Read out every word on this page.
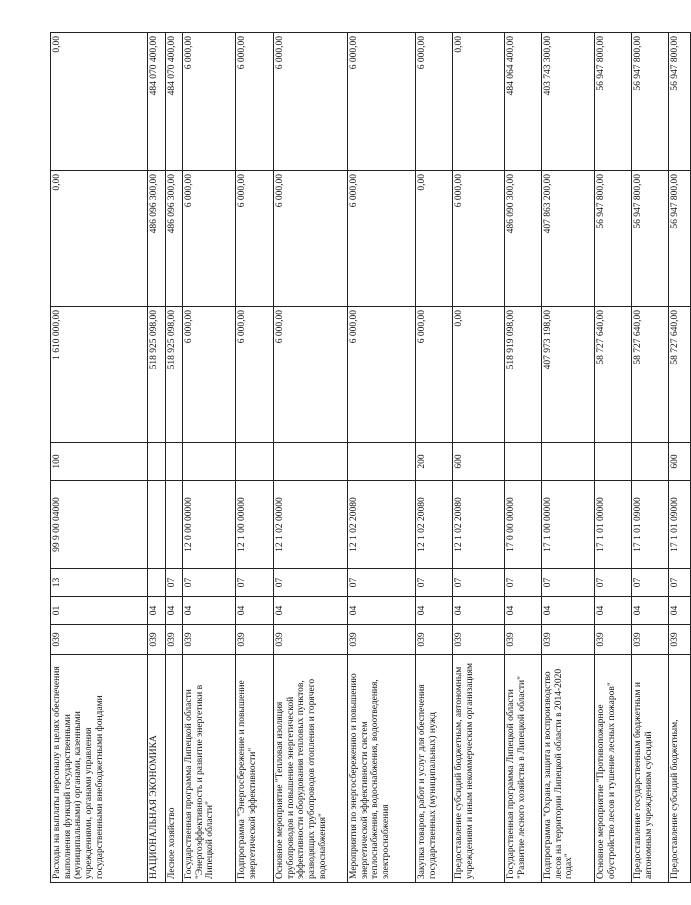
Расходы на выплаты персоналу в целях обеспечения выполнения функций государственными (муниципальными) органами, казенными учреждениями, органами управления государственными внебюджетными фондами	039	01	13	99 9 00 04000	100	1 610 000,00	0,00	0,00
НАЦИОНАЛЬНАЯ ЭКОНОМИКА	039	04				518 925 098,00	486 096 300,00	484 070 400,00
Лесное хозяйство	039	04	07			518 925 098,00	486 096 300,00	484 070 400,00
Государственная программа Липецкой области "Энергоэффективность и развитие энергетики в Липецкой области"	039	04	07	12 0 00 00000		6 000,00	6 000,00	6 000,00
Подпрограмма "Энергосбережение и повышение энергетической эффективности"	039	04	07	12 1 00 00000		6 000,00	6 000,00	6 000,00
Основное мероприятие "Тепловая изоляция трубопроводов и повышение энергетической эффективности оборудования тепловых пунктов, разводящих трубопроводов отопления и горячего водоснабжения"	039	04	07	12 1 02 00000		6 000,00	6 000,00	6 000,00
Мероприятия по энергосбережению и повышению энергетической эффективности систем теплоснабжения, водоснабжения, водоотведения, электроснабжения	039	04	07	12 1 02 20080		6 000,00	6 000,00	6 000,00
Закупка товаров, работ и услуг для обеспечения государственных (муниципальных) нужд	039	04	07	12 1 02 20080	200	6 000,00	0,00	6 000,00
Предоставление субсидий бюджетным, автономным учреждениям и иным некоммерческим организациям	039	04	07	12 1 02 20080	600	0,00	6 000,00	0,00
Государственная программа Липецкой области "Развитие лесного хозяйства в Липецкой области"	039	04	07	17 0 00 00000		518 919 098,00	486 090 300,00	484 064 400,00
Подпрограмма "Охрана, защита и воспроизводство лесов на территории Липецкой области в 2014-2020 годах"	039	04	07	17 1 00 00000		407 973 198,00	407 863 200,00	403 743 300,00
Основное мероприятие "Противопожарное обустройство лесов и тушение лесных пожаров"	039	04	07	17 1 01 00000		58 727 640,00	56 947 800,00	56 947 800,00
Предоставление государственным бюджетным и автономным учреждениям субсидий	039	04	07	17 1 01 09000		58 727 640,00	56 947 800,00	56 947 800,00
Предоставление субсидий бюджетным,	039	04	07	17 1 01 09000	600	58 727 640,00	56 947 800,00	56 947 800,00
